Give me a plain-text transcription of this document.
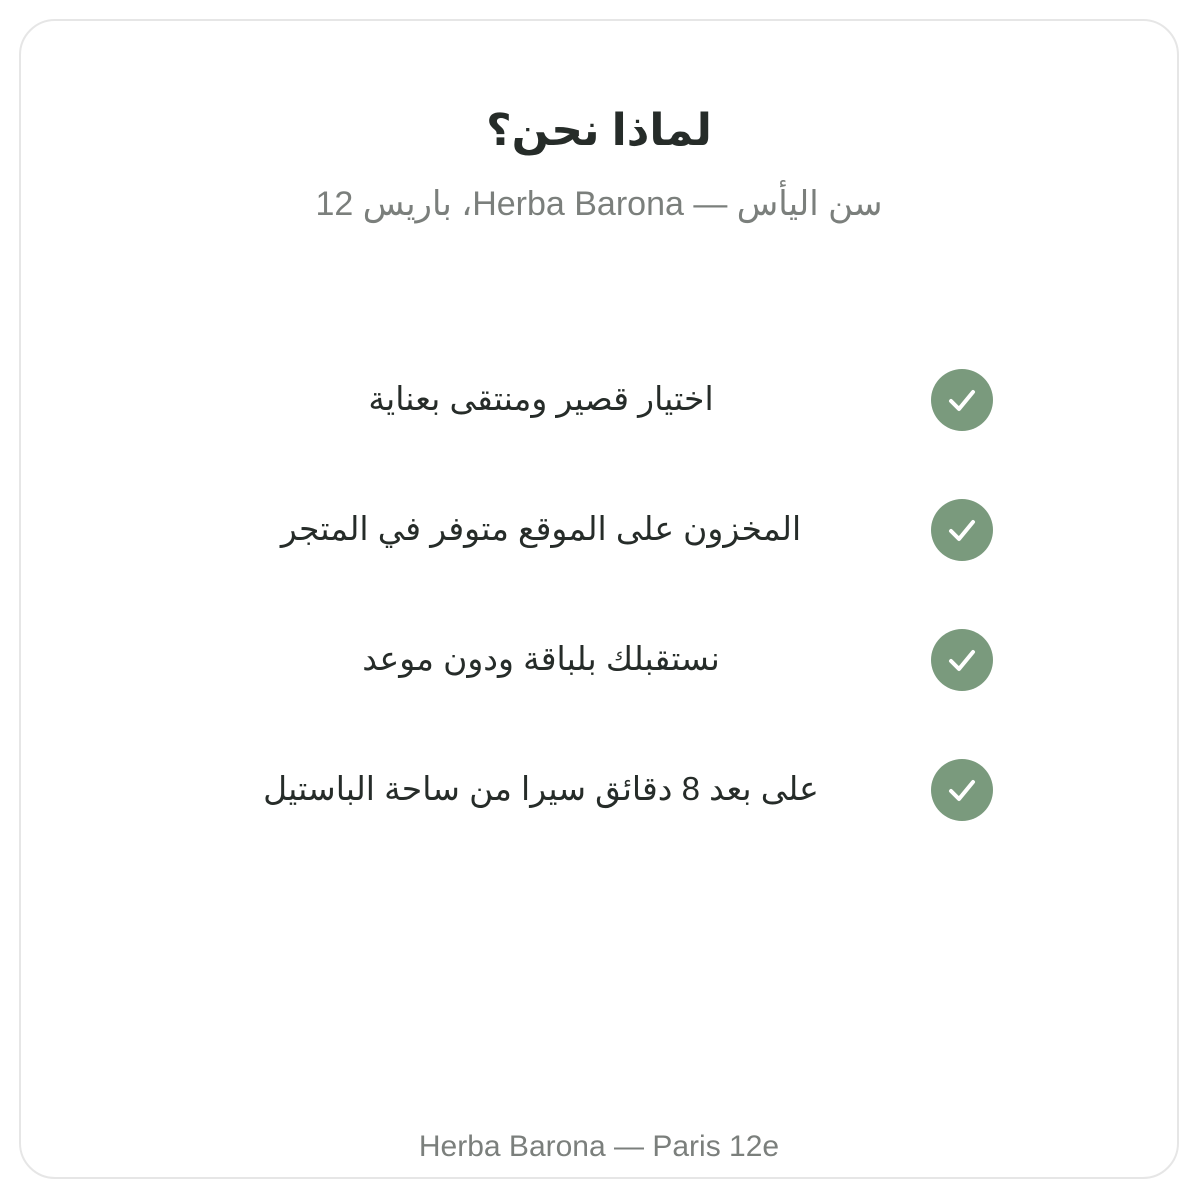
لماذا نحن؟
سن اليأس — Herba Barona، باريس 12
اختيار قصير ومنتقى بعناية
المخزون على الموقع متوفر في المتجر
نستقبلك بلباقة ودون موعد
على بعد 8 دقائق سيرا من ساحة الباستيل
Herba Barona — Paris 12e
